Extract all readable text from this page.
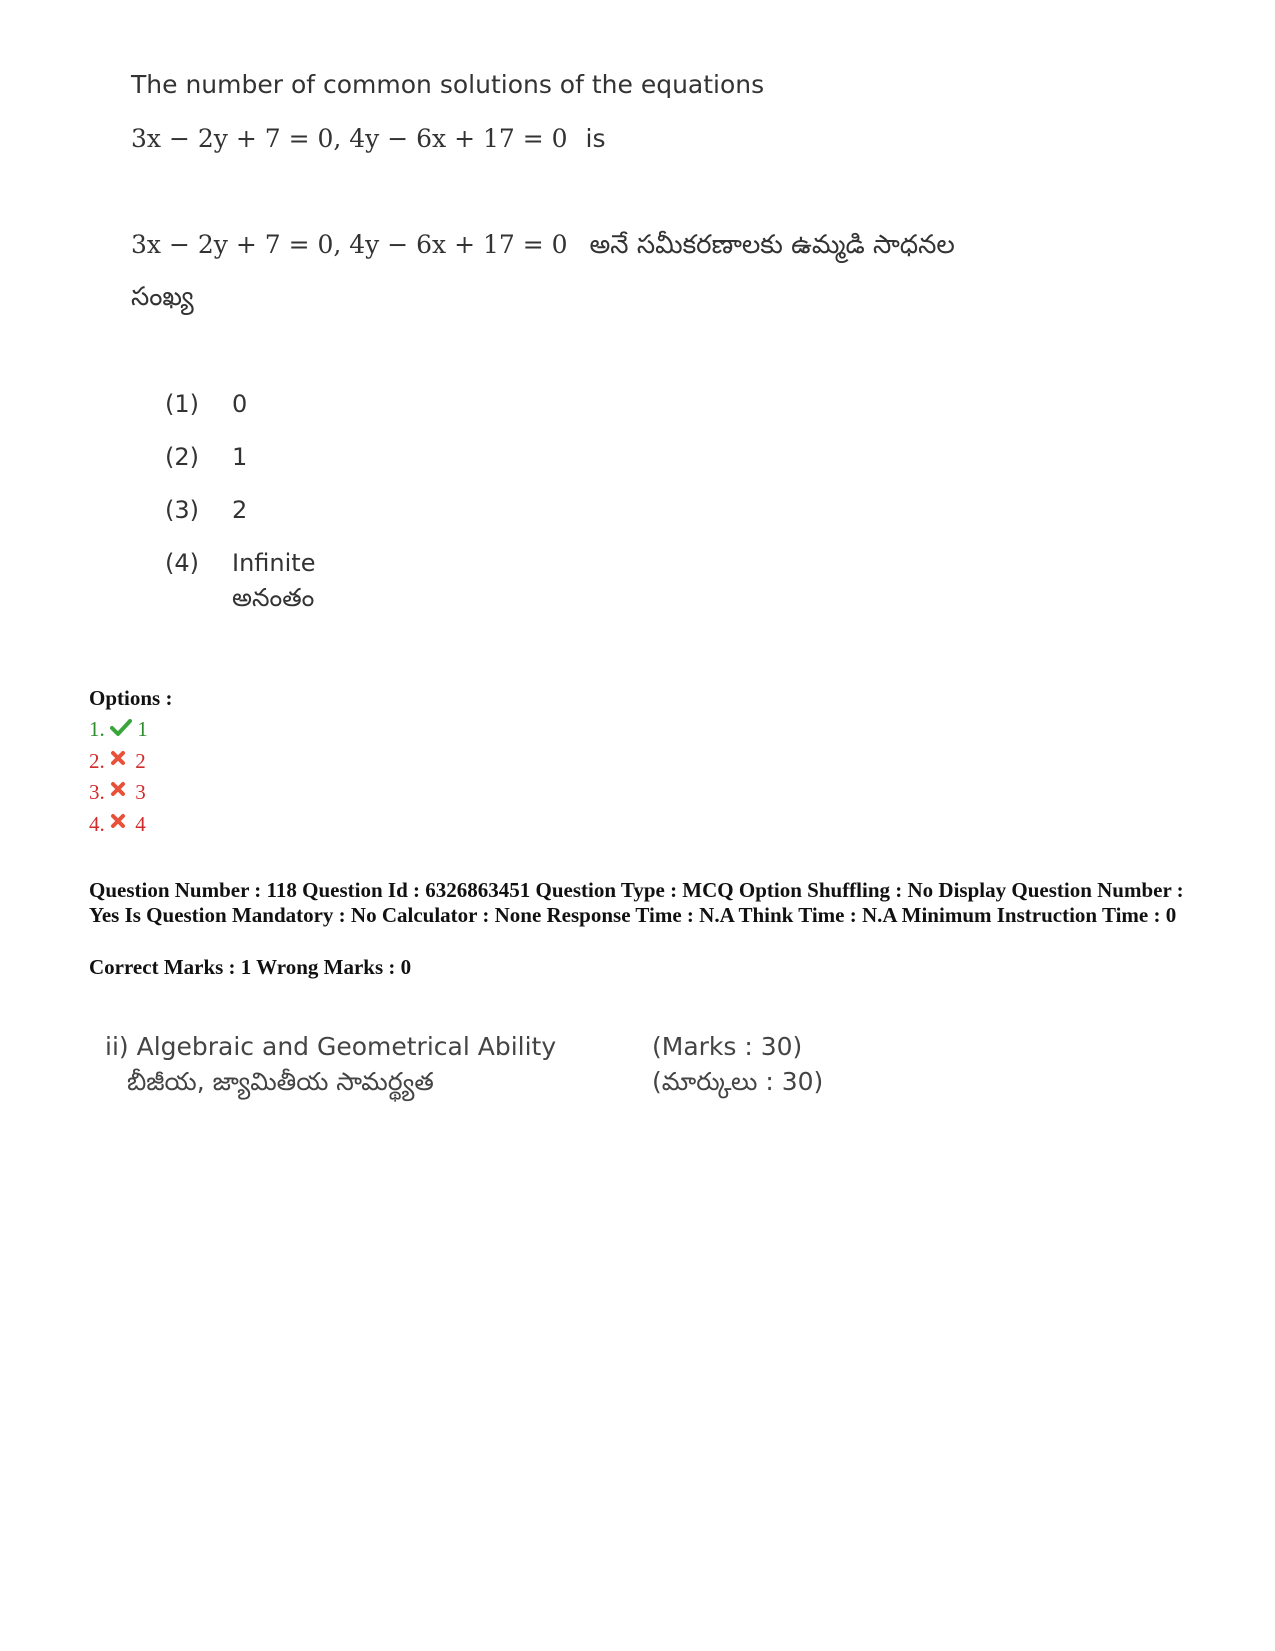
The number of common solutions of the equations
3x − 2y + 7 = 0, 4y − 6x + 17 = 0 is
3x − 2y + 7 = 0, 4y − 6x + 17 = 0 అనే సమీకరణాలకు ఉమ్మడి సాధనల
సంఖ్య
(1) 0
(2) 1
(3) 2
(4) Infinite
అనంతం
Options :
1. 1
2. 2
3. 3
4. 4
Question Number : 118 Question Id : 6326863451 Question Type : MCQ Option Shuffling : No Display Question Number : Yes Is Question Mandatory : No Calculator : None Response Time : N.A Think Time : N.A Minimum Instruction Time : 0
Correct Marks : 1 Wrong Marks : 0
ii) Algebraic and Geometrical Ability
బీజీయ, జ్యామితీయ సామర్థ్యత
(Marks : 30)
(మార్కులు : 30)
